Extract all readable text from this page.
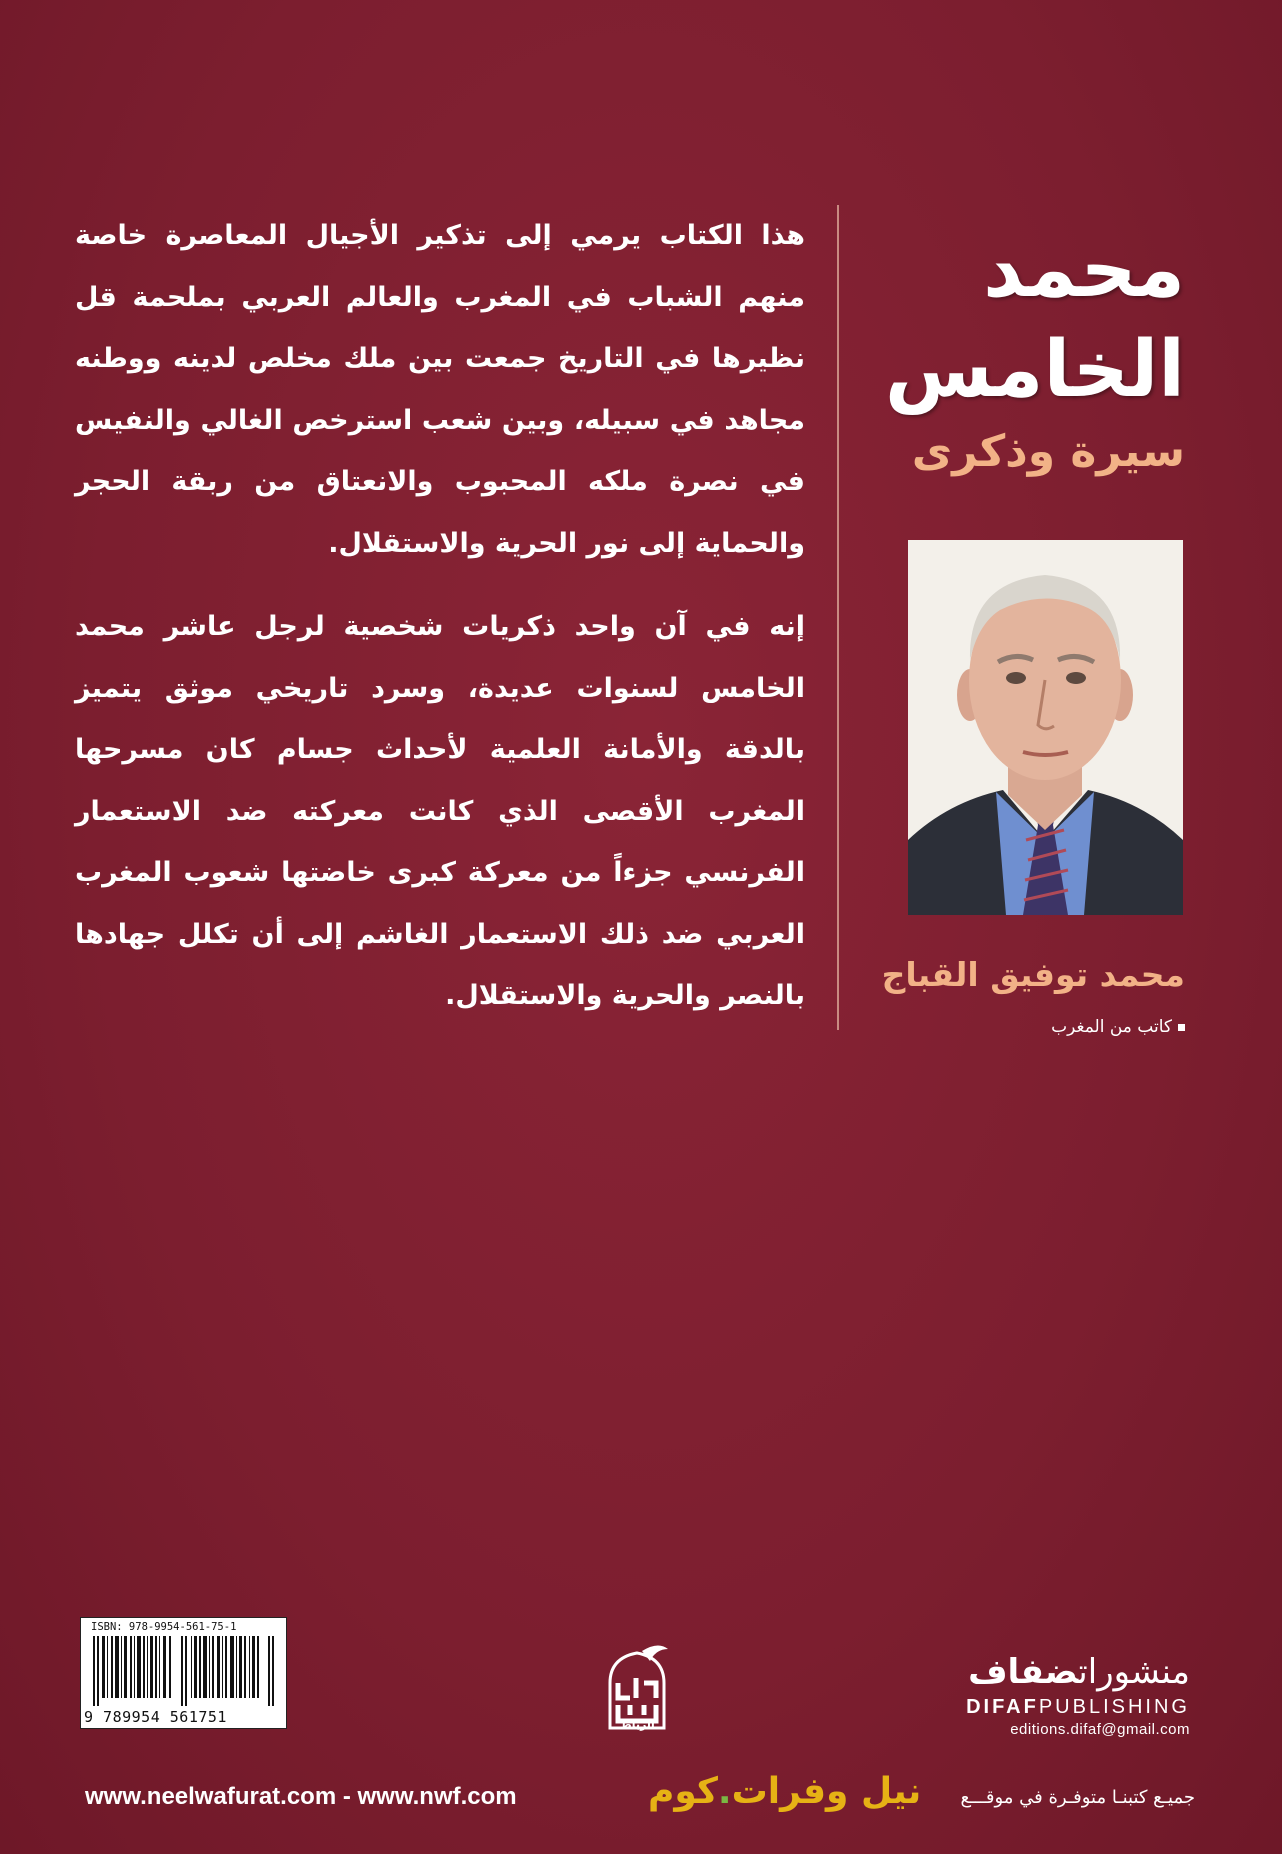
محمد
الخامس
سيرة وذكرى

هذا الكتاب يرمي إلى تذكير الأجيال المعاصرة خاصة منهم الشباب في المغرب والعالم العربي بملحمة قل نظيرها في التاريخ جمعت بين ملك مخلص لدينه ووطنه مجاهد في سبيله، وبين شعب استرخص الغالي والنفيس في نصرة ملكه المحبوب والانعتاق من ربقة الحجر والحماية إلى نور الحرية والاستقلال.

إنه في آن واحد ذكريات شخصية لرجل عاشر محمد الخامس لسنوات عديدة، وسرد تاريخي موثق يتميز بالدقة والأمانة العلمية لأحداث جسام كان مسرحها المغرب الأقصى الذي كانت معركته ضد الاستعمار الفرنسي جزءاً من معركة كبرى خاضتها شعوب المغرب العربي ضد ذلك الاستعمار الغاشم إلى أن تكلل جهادها بالنصر والحرية والاستقلال.

محمد توفيق القباج
كاتب من المغرب
ISBN: 978-9954-561-75-1
9 789954 561751	الرباط
منشوراتضفاف
DIFAFPUBLISHING
editions.difaf@gmail.com
www.neelwafurat.com - www.nwf.com	نيل وفرات.كوم	جميـع كتبنـا متوفـرة في موقـــع
